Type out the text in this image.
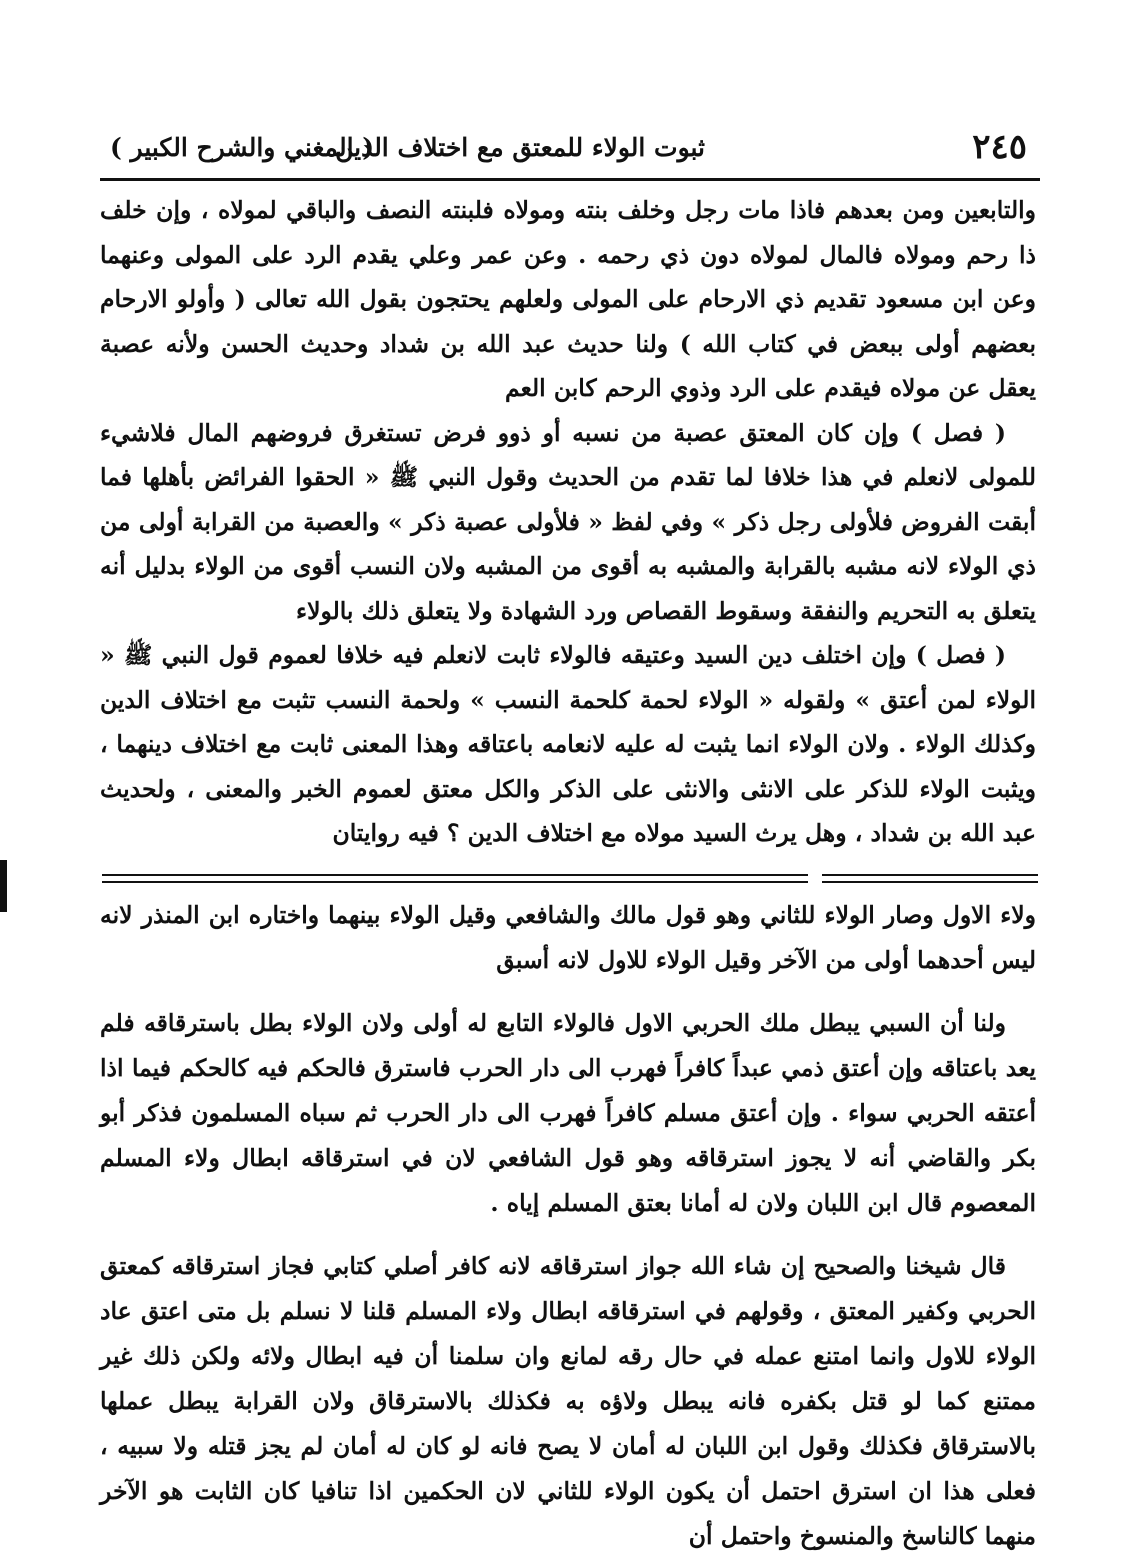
٢٤٥
ثبوت الولاء للمعتق مع اختلاف الدين
( المغني والشرح الكبير )

والتابعين ومن بعدهم فاذا مات رجل وخلف بنته ومولاه فلبنته النصف والباقي لمولاه ، وإن خلف ذا رحم ومولاه فالمال لمولاه دون ذي رحمه . وعن عمر وعلي يقدم الرد على المولى وعنهما وعن ابن مسعود تقديم ذي الارحام على المولى ولعلهم يحتجون بقول الله تعالى ( وأولو الارحام بعضهم أولى ببعض في كتاب الله ) ولنا حديث عبد الله بن شداد وحديث الحسن ولأنه عصبة يعقل عن مولاه فيقدم على الرد وذوي الرحم كابن العم

( فصل ) وإن كان المعتق عصبة من نسبه أو ذوو فرض تستغرق فروضهم المال فلاشيء للمولى لانعلم في هذا خلافا لما تقدم من الحديث وقول النبي ﷺ « الحقوا الفرائض بأهلها فما أبقت الفروض فلأولى رجل ذكر » وفي لفظ « فلأولى عصبة ذكر » والعصبة من القرابة أولى من ذي الولاء لانه مشبه بالقرابة والمشبه به أقوى من المشبه ولان النسب أقوى من الولاء بدليل أنه يتعلق به التحريم والنفقة وسقوط القصاص ورد الشهادة ولا يتعلق ذلك بالولاء

( فصل ) وإن اختلف دين السيد وعتيقه فالولاء ثابت لانعلم فيه خلافا لعموم قول النبي ﷺ « الولاء لمن أعتق » ولقوله « الولاء لحمة كلحمة النسب » ولحمة النسب تثبت مع اختلاف الدين وكذلك الولاء . ولان الولاء انما يثبت له عليه لانعامه باعتاقه وهذا المعنى ثابت مع اختلاف دينهما ، ويثبت الولاء للذكر على الانثى والانثى على الذكر والكل معتق لعموم الخبر والمعنى ، ولحديث عبد الله بن شداد ، وهل يرث السيد مولاه مع اختلاف الدين ؟ فيه روايتان

ولاء الاول وصار الولاء للثاني وهو قول مالك والشافعي وقيل الولاء بينهما واختاره ابن المنذر لانه ليس أحدهما أولى من الآخر وقيل الولاء للاول لانه أسبق

ولنا أن السبي يبطل ملك الحربي الاول فالولاء التابع له أولى ولان الولاء بطل باسترقاقه فلم يعد باعتاقه وإن أعتق ذمي عبداً كافراً فهرب الى دار الحرب فاسترق فالحكم فيه كالحكم فيما اذا أعتقه الحربي سواء . وإن أعتق مسلم كافراً فهرب الى دار الحرب ثم سباه المسلمون فذكر أبو بكر والقاضي أنه لا يجوز استرقاقه وهو قول الشافعي لان في استرقاقه ابطال ولاء المسلم المعصوم قال ابن اللبان ولان له أمانا بعتق المسلم إياه .

قال شيخنا والصحيح إن شاء الله جواز استرقاقه لانه كافر أصلي كتابي فجاز استرقاقه كمعتق الحربي وكفير المعتق ، وقولهم في استرقاقه ابطال ولاء المسلم قلنا لا نسلم بل متى اعتق عاد الولاء للاول وانما امتنع عمله في حال رقه لمانع وان سلمنا أن فيه ابطال ولائه ولكن ذلك غير ممتنع كما لو قتل بكفره فانه يبطل ولاؤه به فكذلك بالاسترقاق ولان القرابة يبطل عملها بالاسترقاق فكذلك وقول ابن اللبان له أمان لا يصح فانه لو كان له أمان لم يجز قتله ولا سبيه ، فعلى هذا ان استرق احتمل أن يكون الولاء للثاني لان الحكمين اذا تنافيا كان الثابت هو الآخر منهما كالناسخ والمنسوخ واحتمل أن
